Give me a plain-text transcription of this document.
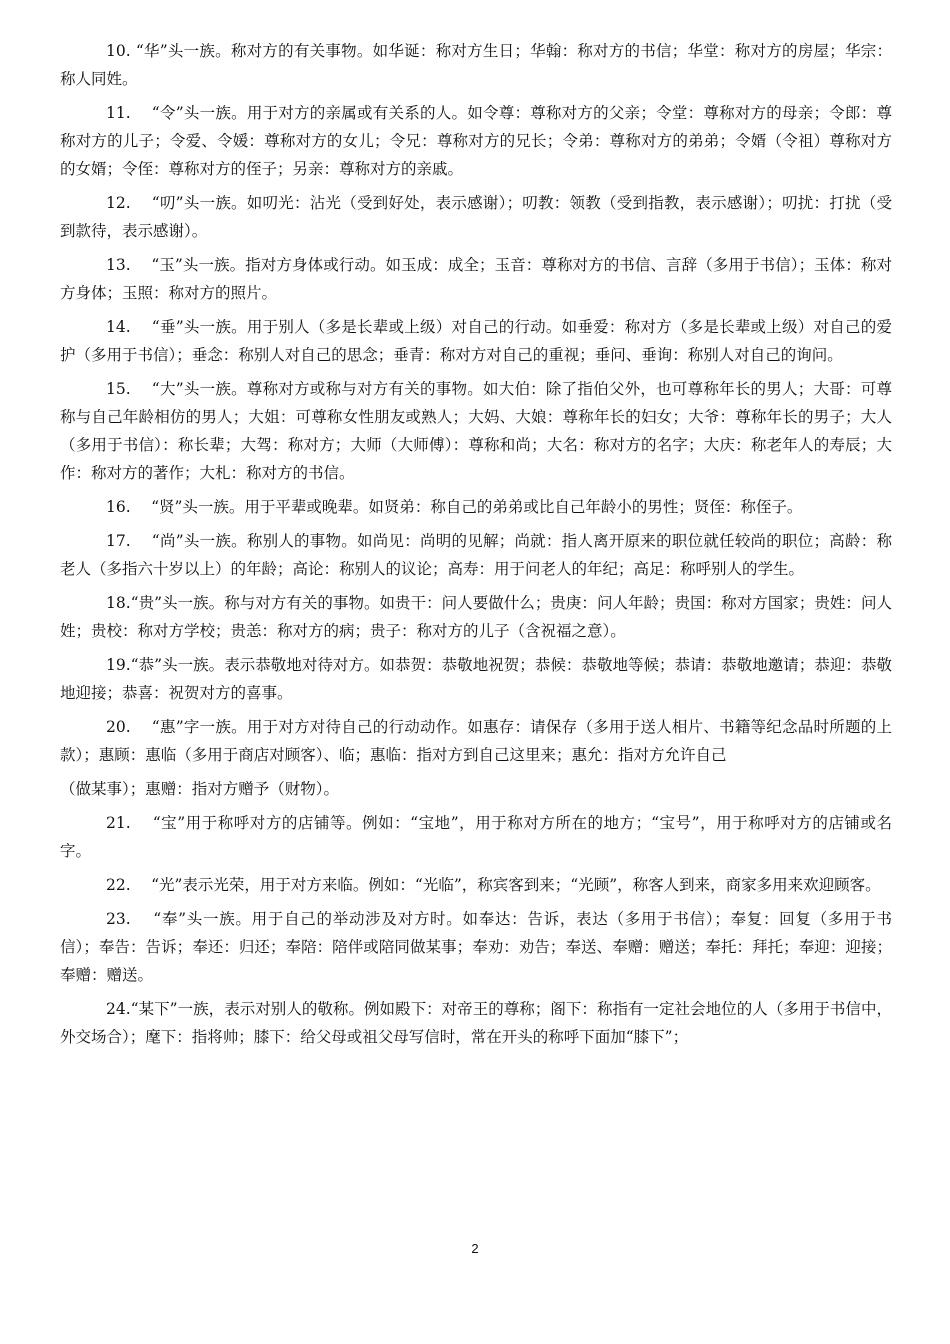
10. “华”头一族。称对方的有关事物。如华诞：称对方生日；华翰：称对方的书信；华堂：称对方的房屋；华宗：称人同姓。

11.　 “令”头一族。用于对方的亲属或有关系的人。如令尊：尊称对方的父亲；令堂：尊称对方的母亲；令郎：尊称对方的儿子；令爱、令媛：尊称对方的女儿；令兄：尊称对方的兄长；令弟：尊称对方的弟弟；令婿（令祖）尊称对方的女婿；令侄：尊称对方的侄子；另亲：尊称对方的亲戚。

12.　 “叨”头一族。如叨光：沾光（受到好处，表示感谢）；叨教：领教（受到指教，表示感谢）；叨扰：打扰（受到款待，表示感谢）。

13.　 “玉”头一族。指对方身体或行动。如玉成：成全；玉音：尊称对方的书信、言辞（多用于书信）；玉体：称对方身体；玉照：称对方的照片。

14.　 “垂”头一族。用于别人（多是长辈或上级）对自己的行动。如垂爱：称对方（多是长辈或上级）对自己的爱护（多用于书信）；垂念：称别人对自己的思念；垂青：称对方对自己的重视；垂问、垂询：称别人对自己的询问。

15.　 “大”头一族。尊称对方或称与对方有关的事物。如大伯：除了指伯父外，也可尊称年长的男人；大哥：可尊称与自己年龄相仿的男人；大姐：可尊称女性朋友或熟人；大妈、大娘：尊称年长的妇女；大爷：尊称年长的男子；大人（多用于书信）：称长辈；大驾：称对方；大师（大师傅）：尊称和尚；大名：称对方的名字；大庆：称老年人的寿辰；大作：称对方的著作；大札：称对方的书信。

16.　 “贤”头一族。用于平辈或晚辈。如贤弟：称自己的弟弟或比自己年龄小的男性；贤侄：称侄子。

17.　 “尚”头一族。称别人的事物。如尚见：尚明的见解；尚就：指人离开原来的职位就任较尚的职位；高龄：称老人（多指六十岁以上）的年龄；高论：称别人的议论；高寿：用于问老人的年纪；高足：称呼别人的学生。

18.“贵”头一族。称与对方有关的事物。如贵干：问人要做什么；贵庚：问人年龄；贵国：称对方国家；贵姓：问人姓；贵校：称对方学校；贵恙：称对方的病；贵子：称对方的儿子（含祝福之意）。

19.“恭”头一族。表示恭敬地对待对方。如恭贺：恭敬地祝贺；恭候：恭敬地等候；恭请：恭敬地邀请；恭迎：恭敬地迎接；恭喜：祝贺对方的喜事。

20.　 “惠”字一族。用于对方对待自己的行动动作。如惠存：请保存（多用于送人相片、书籍等纪念品时所题的上款）；惠顾：惠临（多用于商店对顾客）、临；惠临：指对方到自己这里来；惠允：指对方允许自己

（做某事）；惠赠：指对方赠予（财物）。

21.　 “宝”用于称呼对方的店铺等。例如：“宝地”，用于称对方所在的地方；“宝号”，用于称呼对方的店铺或名字。

22.　 “光”表示光荣，用于对方来临。例如：“光临”，称宾客到来；“光顾”，称客人到来，商家多用来欢迎顾客。

23.　 “奉”头一族。用于自己的举动涉及对方时。如奉达：告诉，表达（多用于书信）；奉复：回复（多用于书信）；奉告：告诉；奉还：归还；奉陪：陪伴或陪同做某事；奉劝：劝告；奉送、奉赠：赠送；奉托：拜托；奉迎：迎接；奉赠：赠送。

24.“某下”一族，表示对别人的敬称。例如殿下：对帝王的尊称；阁下：称指有一定社会地位的人（多用于书信中，外交场合）；麾下：指将帅；膝下：给父母或祖父母写信时，常在开头的称呼下面加“膝下”；

2
